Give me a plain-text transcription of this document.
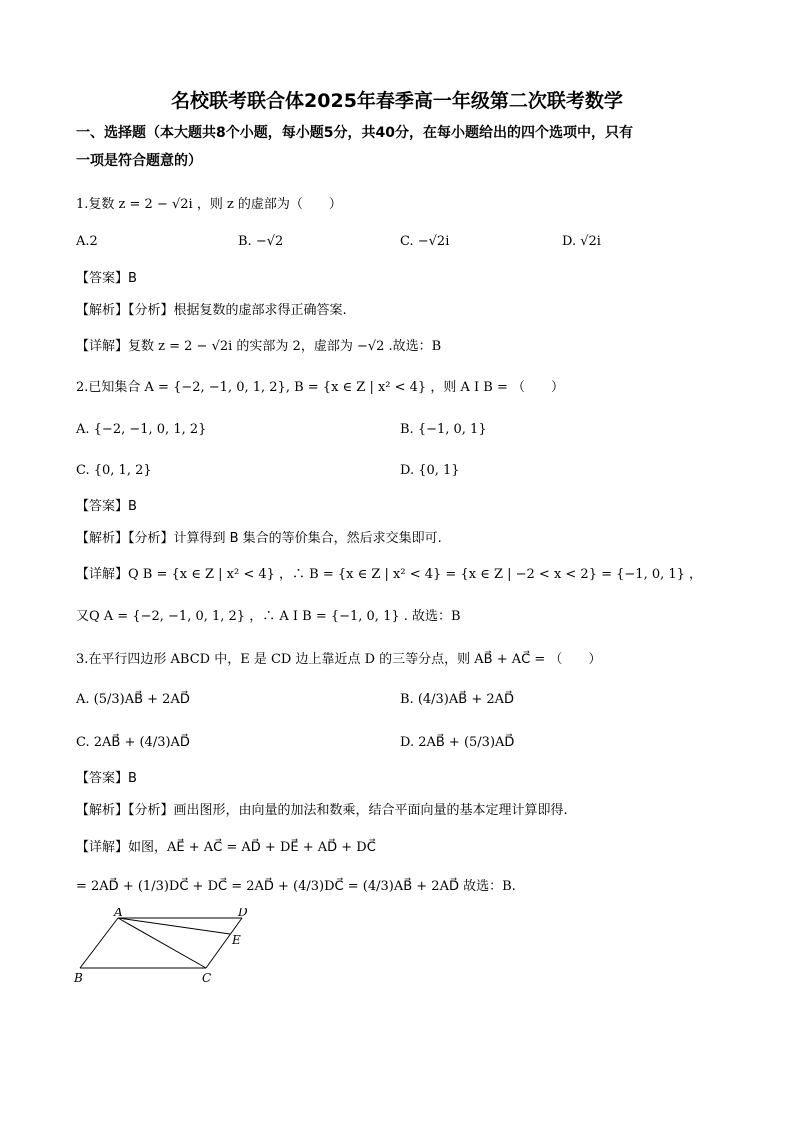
名校联考联合体2025年春季高一年级第二次联考数学
一、选择题（本大题共8个小题，每小题5分，共40分，在每小题给出的四个选项中，只有
一项是符合题意的）
1.复数 z = 2 − √2i ，则 z 的虚部为（　　）
A.2	B. −√2	C. −√2i	D. √2i
【答案】B
【解析】【分析】根据复数的虚部求得正确答案.
【详解】复数 z = 2 − √2i 的实部为 2，虚部为 −√2 .故选：B
2.已知集合 A = {−2, −1, 0, 1, 2}, B = {x ∈ Z | x² < 4} ，则 A I B = （　　）
A. {−2, −1, 0, 1, 2}	B. {−1, 0, 1}
C. {0, 1, 2}	D. {0, 1}
【答案】B
【解析】【分析】计算得到 B 集合的等价集合，然后求交集即可.
【详解】Q B = {x ∈ Z | x² < 4} ，∴ B = {x ∈ Z | x² < 4} = {x ∈ Z | −2 < x < 2} = {−1, 0, 1} ，
又Q A = {−2, −1, 0, 1, 2} ，∴ A I B = {−1, 0, 1} . 故选：B
3.在平行四边形 ABCD 中，E 是 CD 边上靠近点 D 的三等分点，则 AB⃗ + AC⃗ = （　　）
A. (5/3)AB⃗ + 2AD⃗	B. (4/3)AB⃗ + 2AD⃗
C. 2AB⃗ + (4/3)AD⃗	D. 2AB⃗ + (5/3)AD⃗
【答案】B
【解析】【分析】画出图形，由向量的加法和数乘，结合平面向量的基本定理计算即得.
【详解】如图，AE⃗ + AC⃗ = AD⃗ + DE⃗ + AD⃗ + DC⃗
= 2AD⃗ + (1/3)DC⃗ + DC⃗ = 2AD⃗ + (4/3)DC⃗ = (4/3)AB⃗ + 2AD⃗ 故选：B.
A	D
E
B	C
